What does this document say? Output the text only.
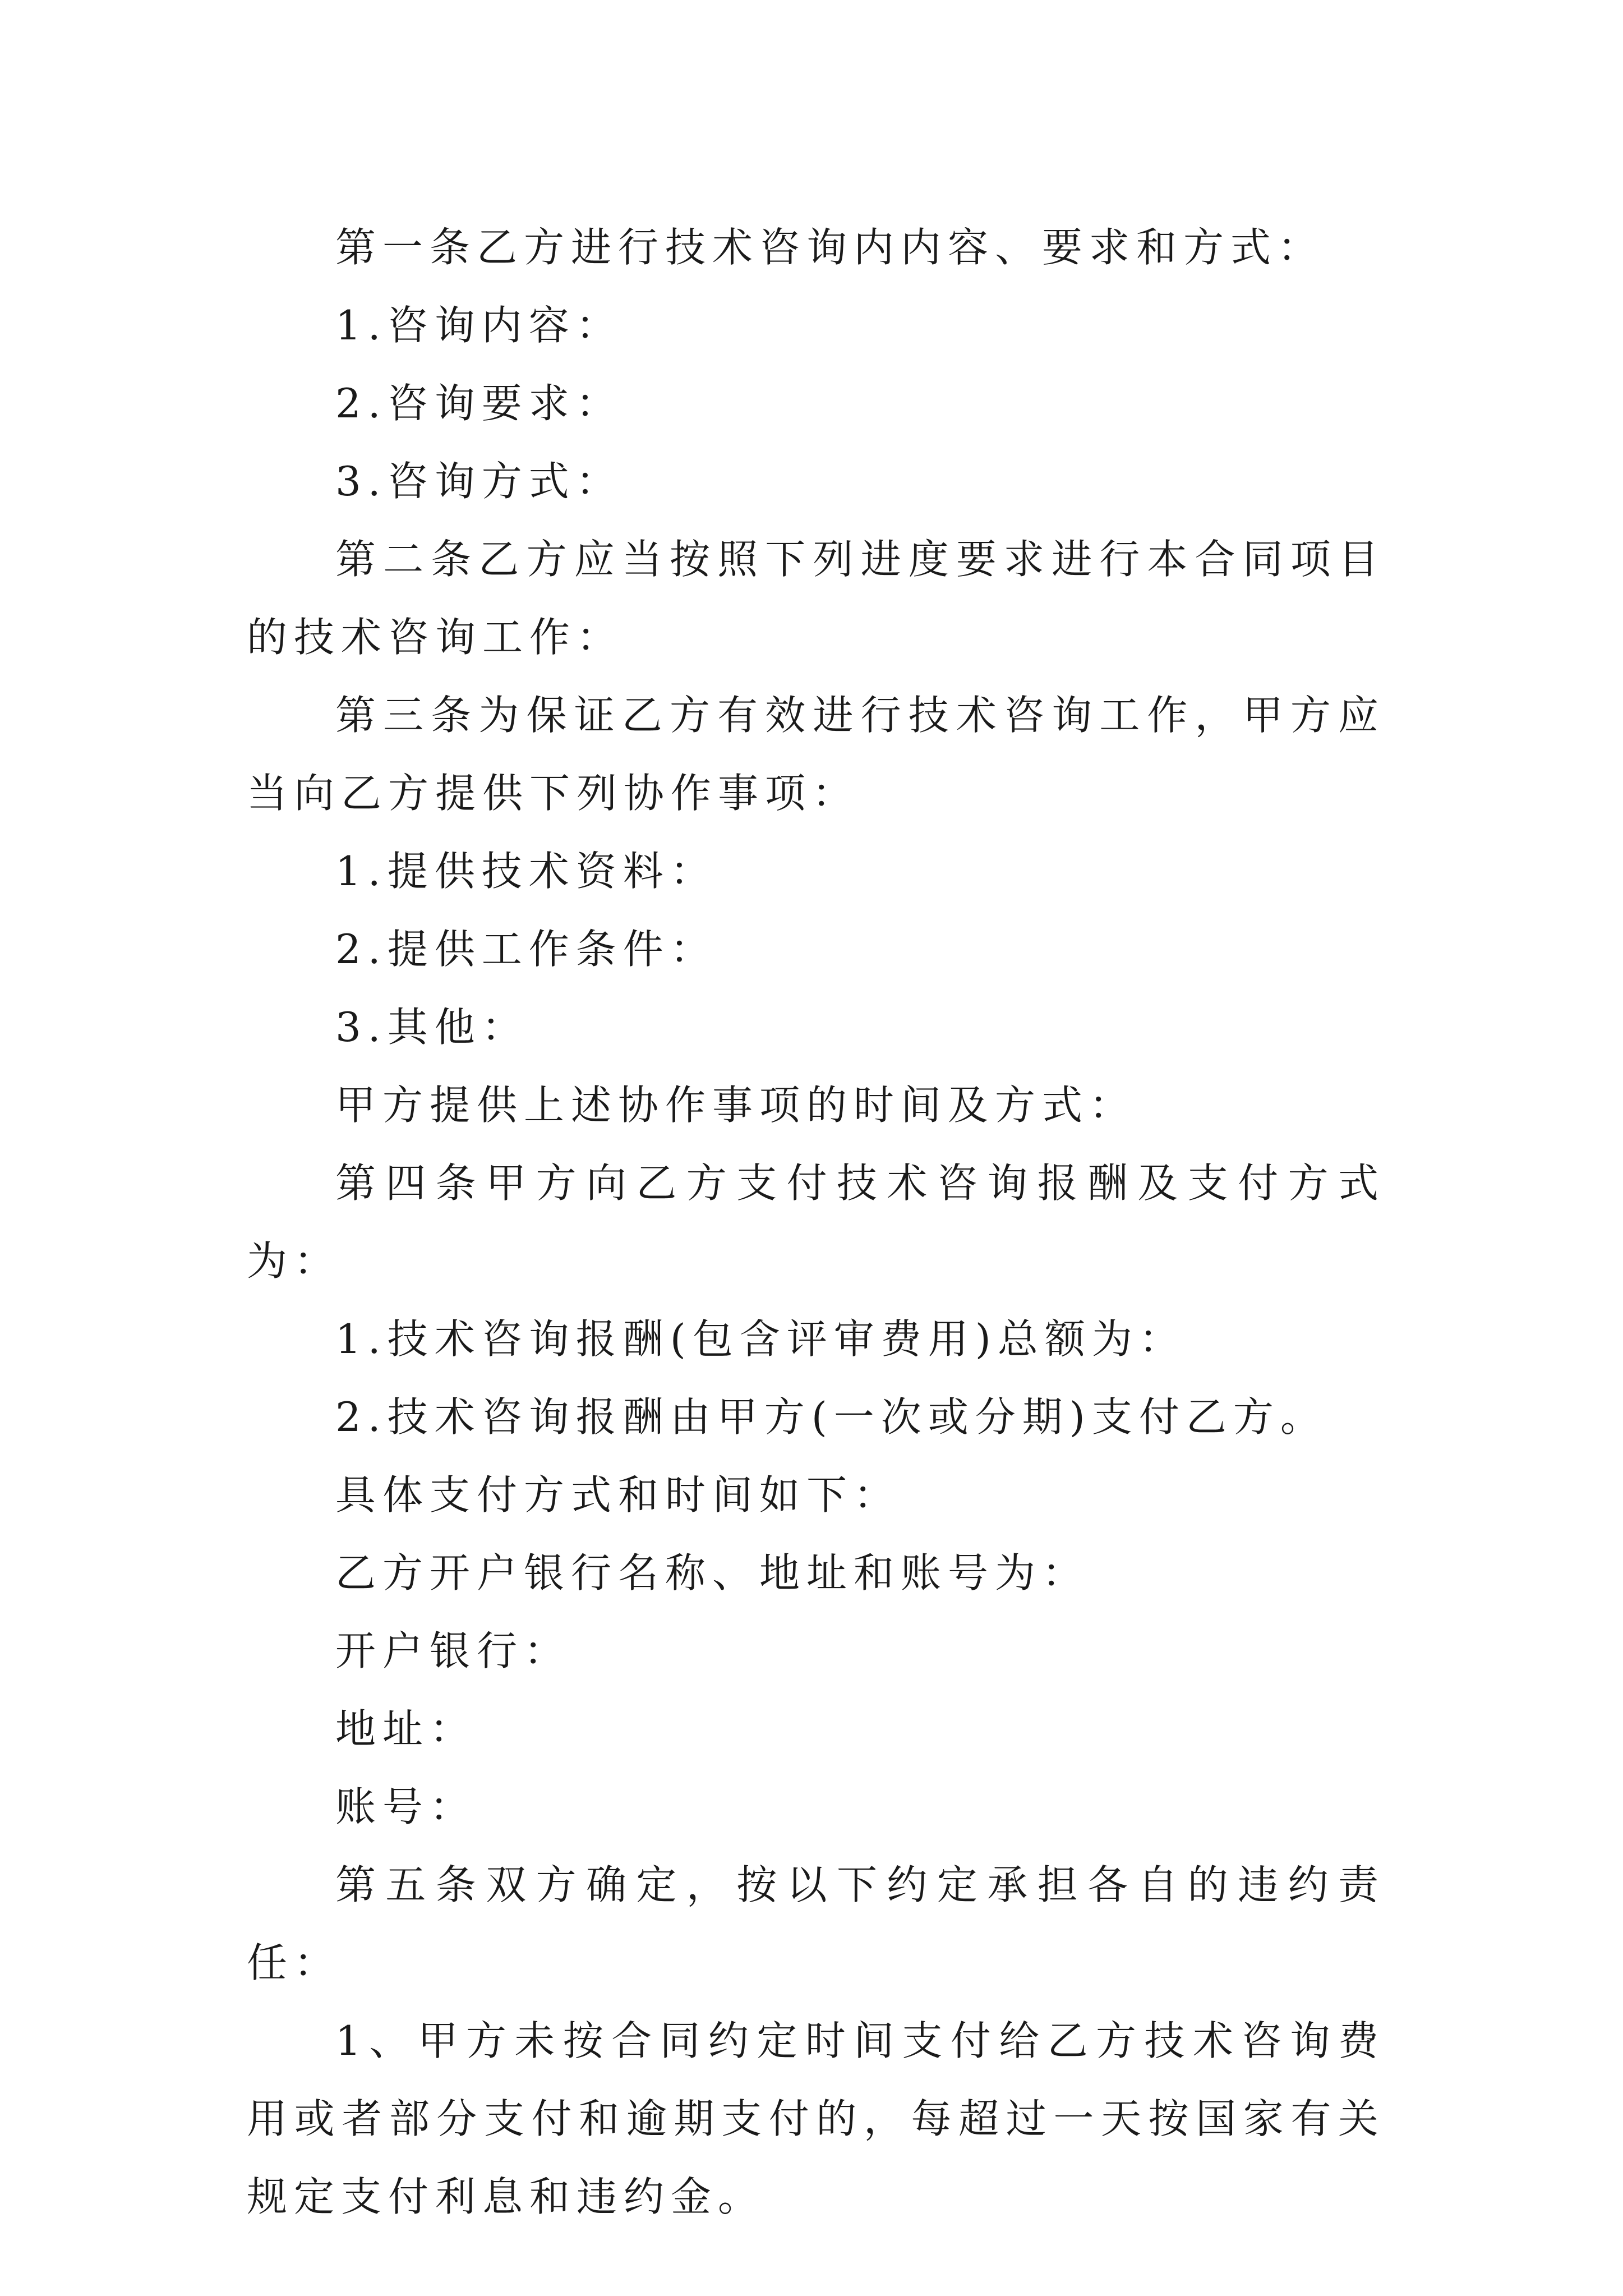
第一条乙方进行技术咨询内内容、要求和方式：

1.咨询内容：

2.咨询要求：

3.咨询方式：

第二条乙方应当按照下列进度要求进行本合同项目的技术咨询工作：

第三条为保证乙方有效进行技术咨询工作，甲方应当向乙方提供下列协作事项：

1.提供技术资料：

2.提供工作条件：

3.其他：

甲方提供上述协作事项的时间及方式：

第四条甲方向乙方支付技术咨询报酬及支付方式为：

1.技术咨询报酬(包含评审费用)总额为：

2.技术咨询报酬由甲方(一次或分期)支付乙方。

具体支付方式和时间如下：

乙方开户银行名称、地址和账号为：

开户银行：

地址：

账号：

第五条双方确定，按以下约定承担各自的违约责任：

1、甲方未按合同约定时间支付给乙方技术咨询费用或者部分支付和逾期支付的，每超过一天按国家有关规定支付利息和违约金。
